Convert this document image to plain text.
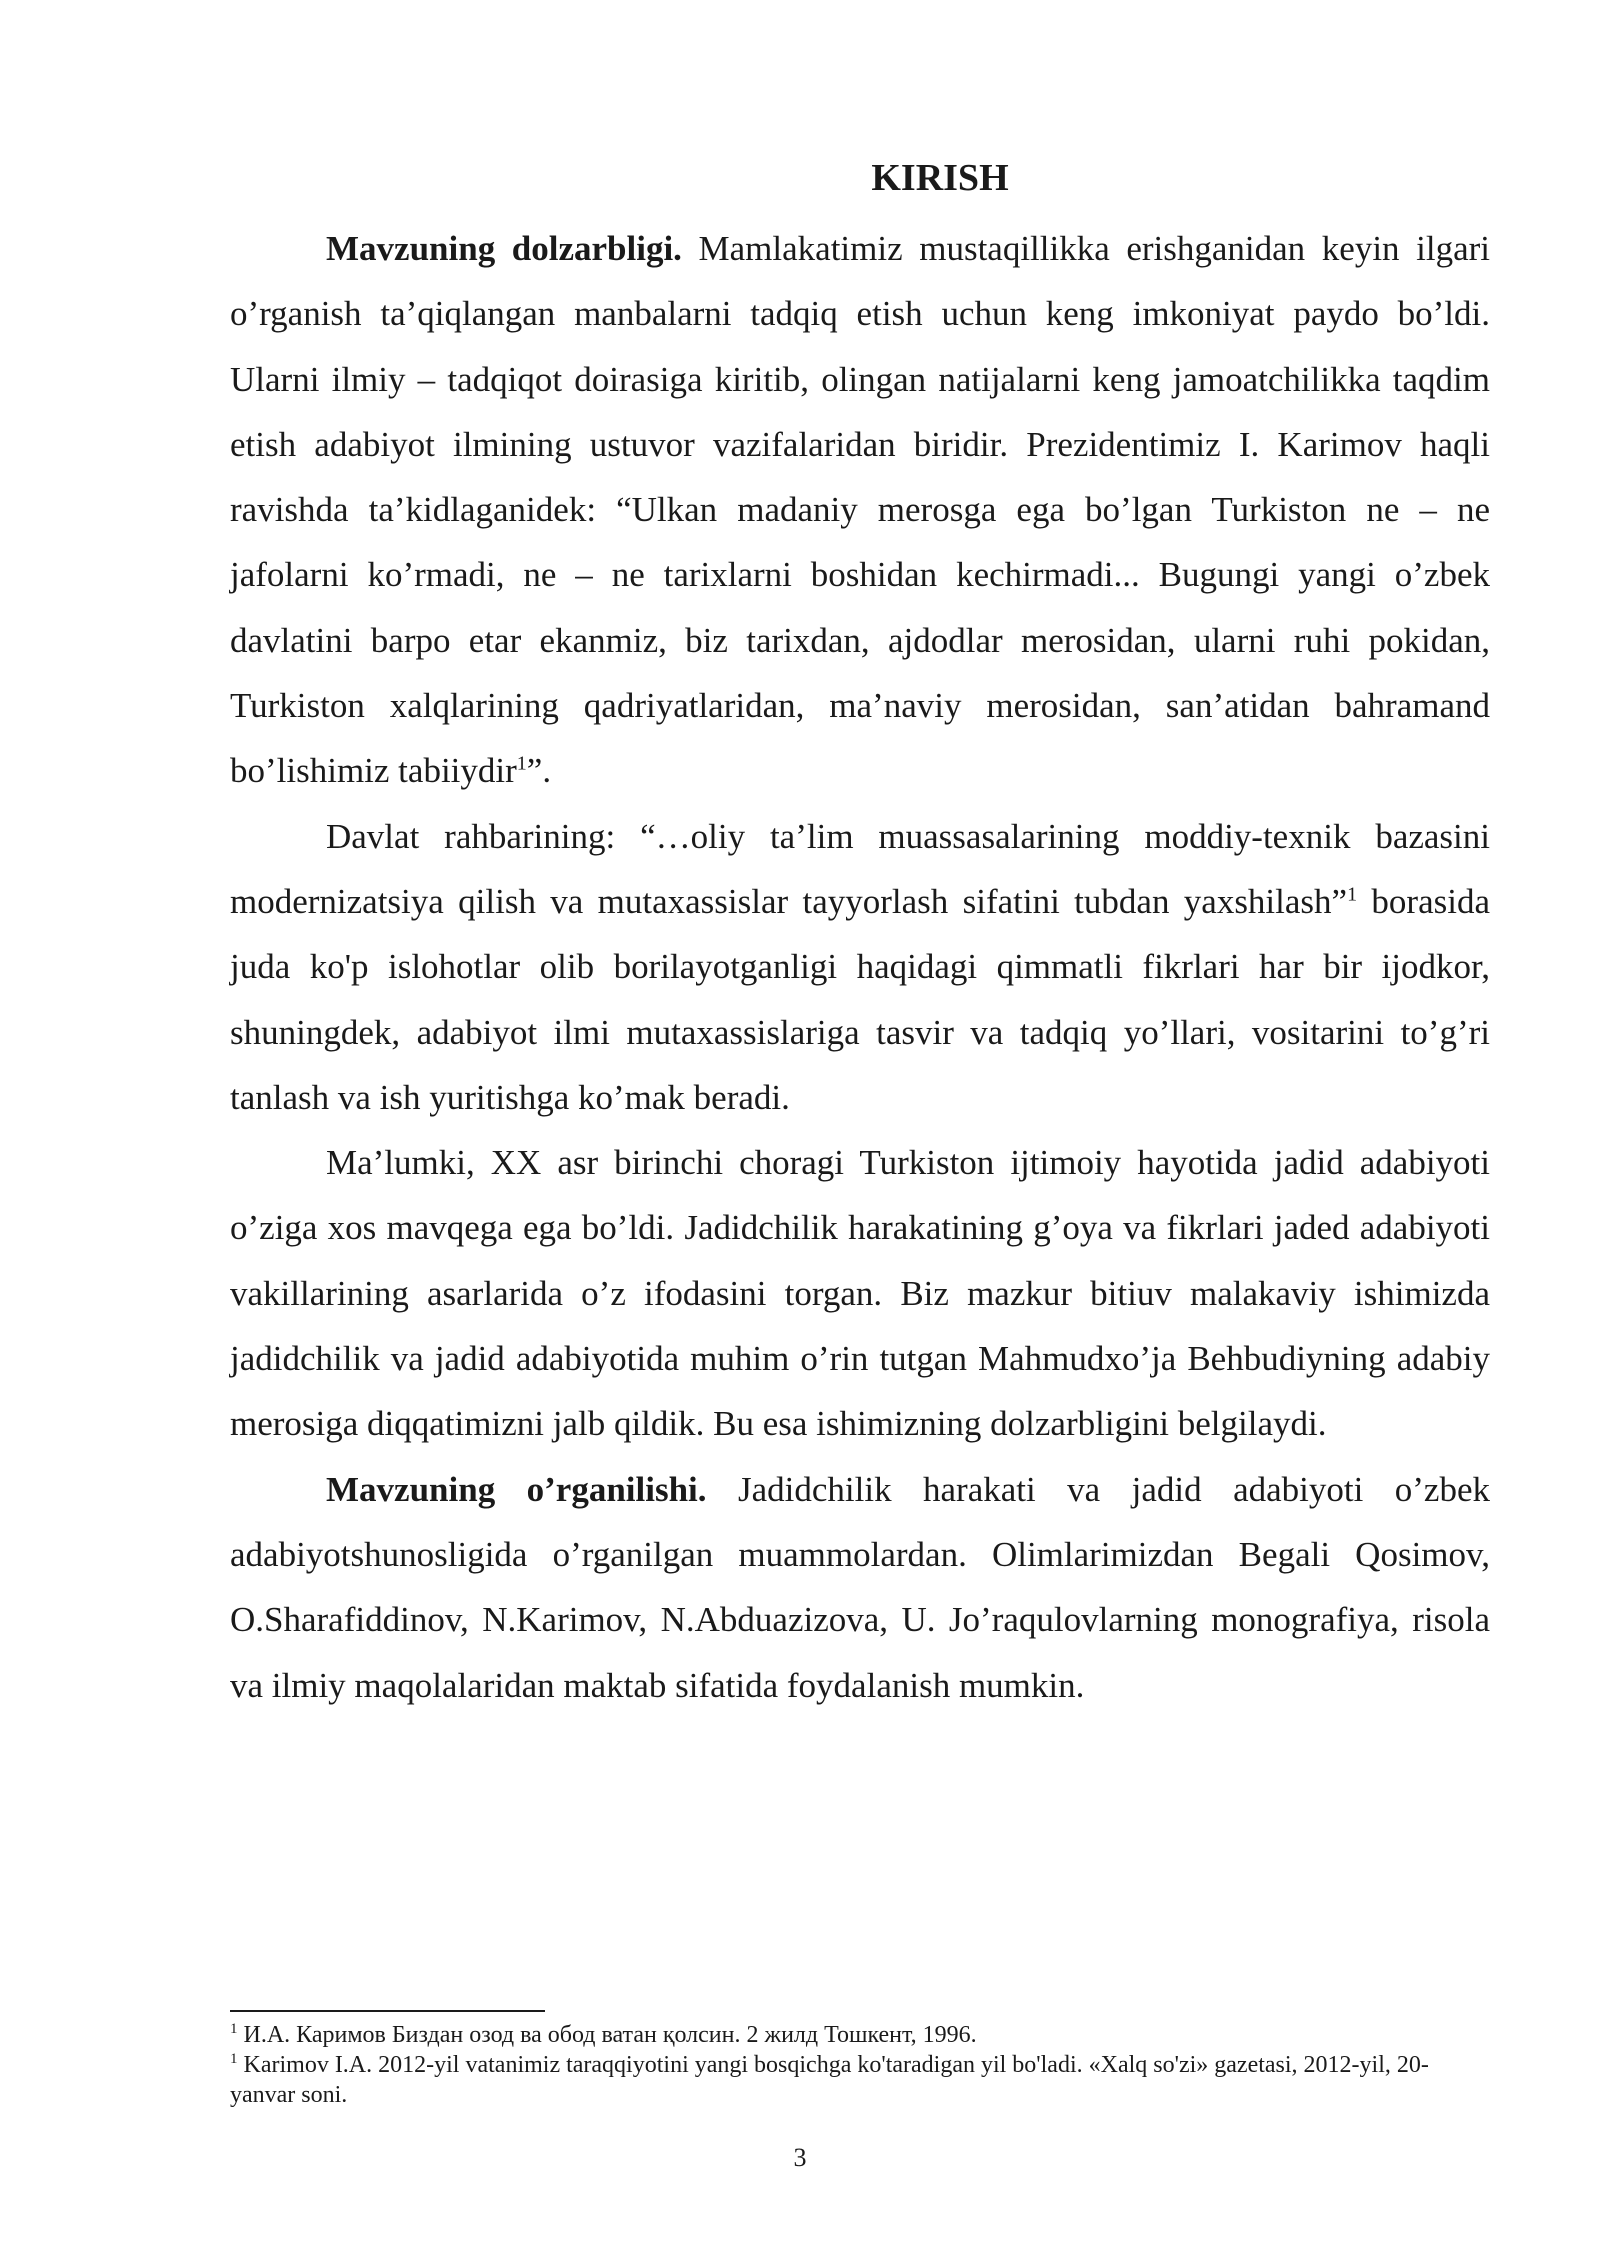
KIRISH

Mavzuning dolzarbligi. Mamlakatimiz mustaqillikka erishganidan keyin ilgari o’rganish ta’qiqlangan manbalarni tadqiq etish uchun keng imkoniyat paydo bo’ldi. Ularni ilmiy – tadqiqot doirasiga kiritib, olingan natijalarni keng jamoatchilikka taqdim etish adabiyot ilmining ustuvor vazifalaridan biridir. Prezidentimiz I. Karimov haqli ravishda ta’kidlaganidek: “Ulkan madaniy merosga ega bo’lgan Turkiston ne – ne jafolarni ko’rmadi, ne – ne tarixlarni boshidan kechirmadi... Bugungi yangi o’zbek davlatini barpo etar ekanmiz, biz tarixdan, ajdodlar merosidan, ularni ruhi pokidan, Turkiston xalqlarining qadriyatlaridan, ma’naviy merosidan, san’atidan bahramand bo’lishimiz tabiiydir$^1$”.

Davlat rahbarining: “…oliy ta’lim muassasalarining moddiy-texnik bazasini modernizatsiya qilish va mutaxassislar tayyorlash sifatini tubdan yaxshilash”$^1$ borasida juda ko'p islohotlar olib borilayotganligi haqidagi qimmatli fikrlari har bir ijodkor, shuningdek, adabiyot ilmi mutaxassislariga tasvir va tadqiq yo’llari, vositarini to’g’ri tanlash va ish yuritishga ko’mak beradi.

Ma’lumki, XX asr birinchi choragi Turkiston ijtimoiy hayotida jadid adabiyoti o’ziga xos mavqega ega bo’ldi. Jadidchilik harakatining g’oya va fikrlari jaded adabiyoti vakillarining asarlarida o’z ifodasini torgan. Biz mazkur bitiuv malakaviy ishimizda jadidchilik va jadid adabiyotida muhim o’rin tutgan Mahmudxo’ja Behbudiyning adabiy merosiga diqqatimizni jalb qildik. Bu esa ishimizning dolzarbligini belgilaydi.

Mavzuning o’rganilishi. Jadidchilik harakati va jadid adabiyoti o’zbek adabiyotshunosligida o’rganilgan muammolardan. Olimlarimizdan Begali Qosimov, O.Sharafiddinov, N.Karimov, N.Abduazizova, U. Jo’raqulovlarning monografiya, risola va ilmiy maqolalaridan maktab sifatida foydalanish mumkin.

$^1$ И.А. Каримов Биздан озод ва обод ватан қолсин. 2 жилд Тошкент, 1996.

$^1$ Karimov I.A. 2012-yil vatanimiz taraqqiyotini yangi bosqichga ko'taradigan yil bo'ladi. «Xalq so'zi» gazetasi, 2012-yil, 20-yanvar soni.

3
